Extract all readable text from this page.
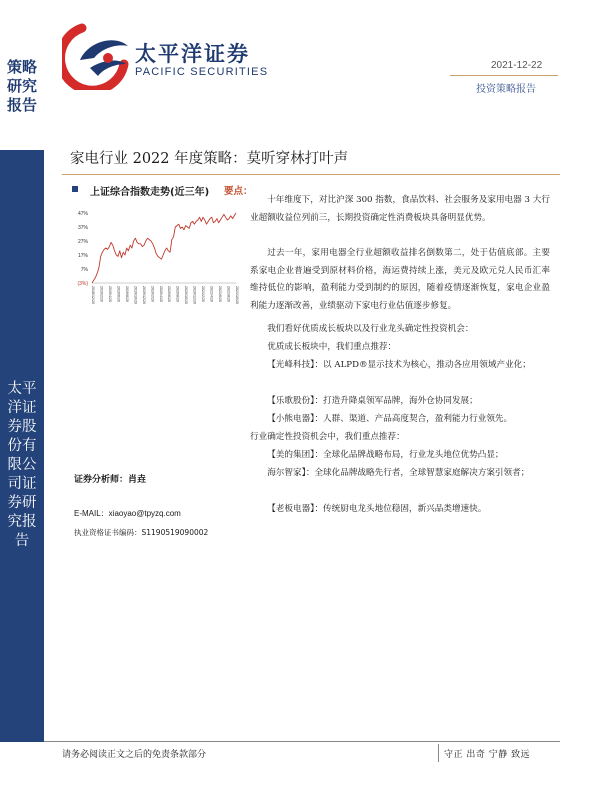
策略研究报告
太平洋证券股份有限公司证券研究报告
太平洋证券
PACIFIC SECURITIES
2021-12-22
投资策略报告
家电行业 2022 年度策略：莫听穿林打叶声
上证综合指数走势(近三年)
47%
37%
27%
17%
7%
(3%)
2018/12/20 2019/2/20 2019/4/20 2019/6/20 2019/8/20 2019/10/20 2019/12/20 2020/2/20 2020/4/20 2020/6/20 2020/8/20 2020/10/20 2020/12/20 2021/2/20 2021/4/20 2021/6/20 2021/8/20 2021/10/20
证券分析师：肖垚
E-MAIL：xiaoyao@tpyzq.com
执业资格证书编码：S1190519090002
要点：
十年维度下，对比沪深 300 指数，食品饮料、社会服务及家用电器 3 大行业超额收益位列前三，长期投资确定性消费板块具备明显优势。
过去一年，家用电器全行业超额收益排名倒数第二，处于估值底部。主要系家电企业普遍受到原材料价格，海运费持续上涨，美元及欧元兑人民币汇率维持低位的影响，盈利能力受到制约的原因，随着疫情逐渐恢复，家电企业盈利能力逐渐改善，业绩驱动下家电行业估值逐步修复。
我们看好优质成长板块以及行业龙头确定性投资机会：
优质成长板块中，我们重点推荐：
【光峰科技】：以 ALPD®显示技术为核心，推动各应用领域产业化；
【乐歌股份】：打造升降桌领军品牌，海外仓协同发展；
【小熊电器】：人群、渠道、产品高度契合，盈利能力行业领先。
行业确定性投资机会中，我们重点推荐：
【美的集团】：全球化品牌战略布局，行业龙头地位优势凸显；
海尔智家】：全球化品牌战略先行者，全球智慧家庭解决方案引领者；
【老板电器】：传统厨电龙头地位稳固，新兴品类增速快。
请务必阅读正文之后的免责条款部分	守正 出奇 宁静 致远
